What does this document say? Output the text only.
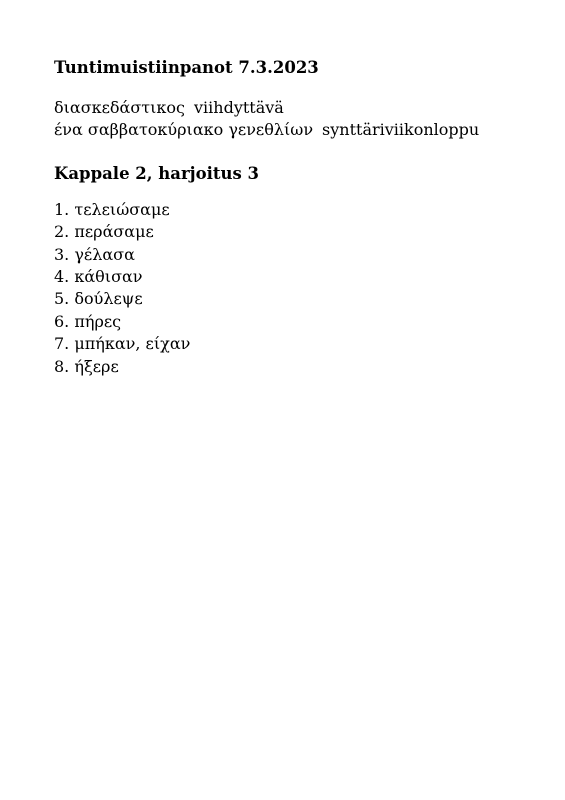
Tuntimuistiinpanot 7.3.2023
διασκεδάστικος viihdyttävä
ένα σαββατοκύριακο γενεθλίων synttäriviikonloppu
Kappale 2, harjoitus 3
1. τελειώσαμε
2. περάσαμε
3. γέλασα
4. κάθισαν
5. δούλεψε
6. πήρες
7. μπήκαν, είχαν
8. ήξερε
